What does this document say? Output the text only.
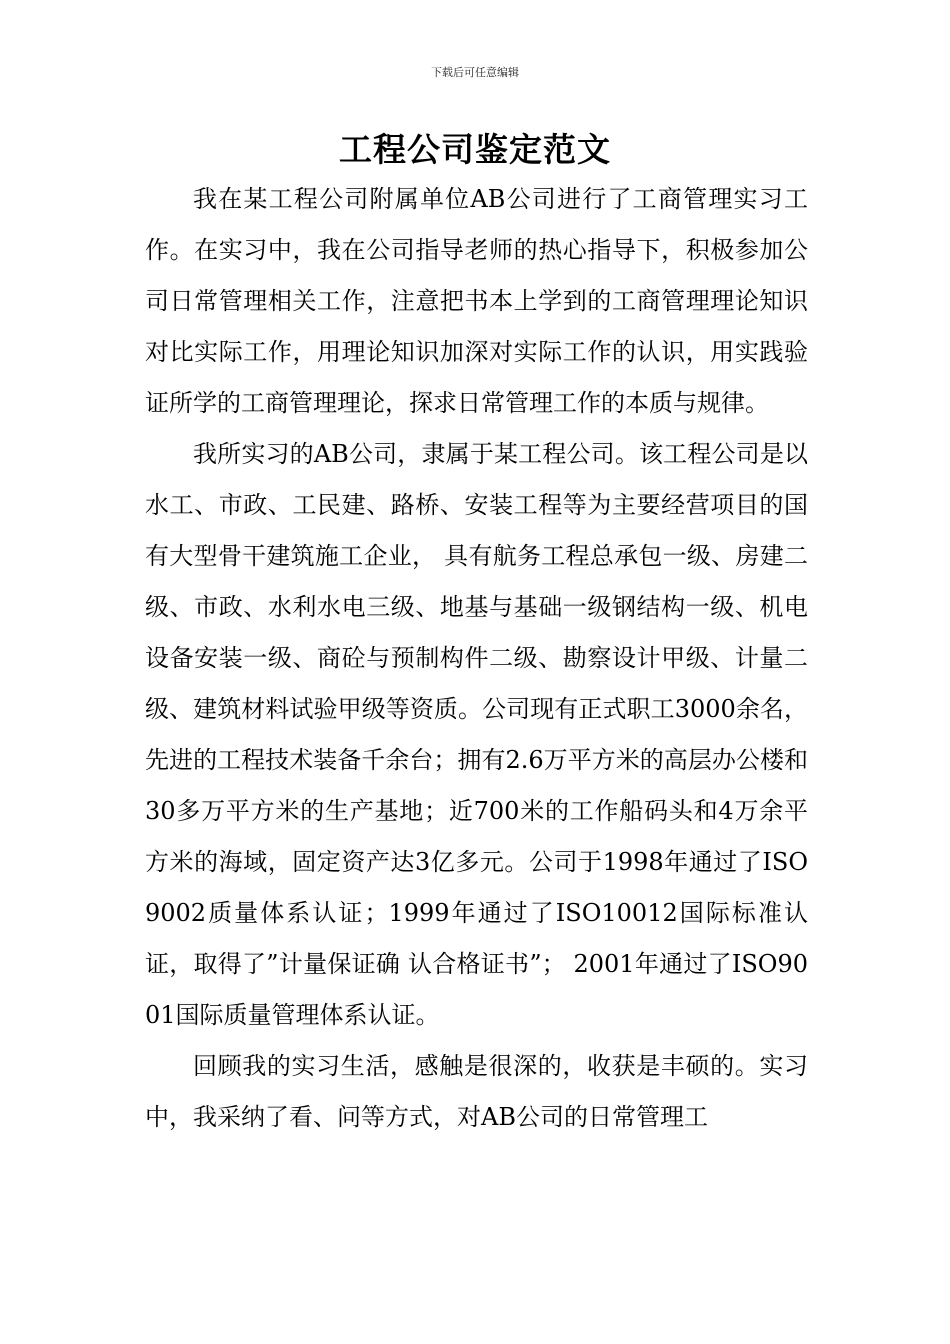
下载后可任意编辑
工程公司鉴定范文

我在某工程公司附属单位AB公司进行了工商管理实习工作。在实习中，我在公司指导老师的热心指导下，积极参加公司日常管理相关工作，注意把书本上学到的工商管理理论知识对比实际工作，用理论知识加深对实际工作的认识，用实践验证所学的工商管理理论，探求日常管理工作的本质与规律。

我所实习的AB公司，隶属于某工程公司。该工程公司是以水工、市政、工民建、路桥、安装工程等为主要经营项目的国有大型骨干建筑施工企业， 具有航务工程总承包一级、房建二级、市政、水利水电三级、地基与基础一级钢结构一级、机电设备安装一级、商砼与预制构件二级、勘察设计甲级、计量二级、建筑材料试验甲级等资质。公司现有正式职工3000余名，先进的工程技术装备千余台；拥有2.6万平方米的高层办公楼和30多万平方米的生产基地；近700米的工作船码头和4万余平方米的海域，固定资产达3亿多元。公司于1998年通过了ISO9002质量体系认证；1999年通过了ISO10012国际标准认证，取得了”计量保证确 认合格证书”； 2001年通过了ISO9001国际质量管理体系认证。

回顾我的实习生活，感触是很深的，收获是丰硕的。实习中，我采纳了看、问等方式，对AB公司的日常管理工
